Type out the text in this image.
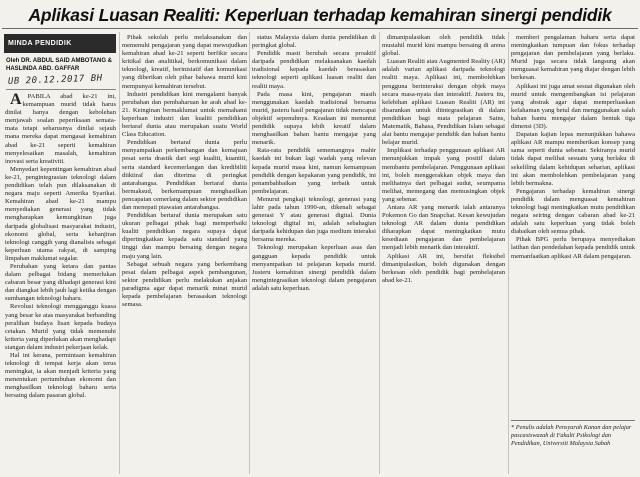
Aplikasi Luasan Realiti: Keperluan terhadap kemahiran sinergi pendidik
MINDA PENDIDIK
Oleh DR. ABDUL SAID AMBOTANG & HASLINDA ABD. GAFFAR
UB 20.12.2017 BH

APABILA abad ke-21 ini, kemampuan murid tidak harus dinilai hanya dengan kebolehan menjawab soalan peperiksaan semata-mata tetapi seharusnya dinilai sejauh mana mereka dapat mengasai kemahiran abad ke-21 seperti kemahiran menyelesaikan masalah, kemahiran inovasi serta kreativiti.

Menyedari kepentingan kemahiran abad ke-21, pengintegrasian teknologi dalam pendidikan telah pun dilaksanakan di negara maju seperti Amerika Syarikat. Kemahiran abad ke-21 mampu menyediakan generasi yang tidak mengharapkan kemungkinan juga daripada globalisasi masyarakat industri, ekonomi global, serta kebanjiran teknologi canggih yang dianalisis sebagai keperluan utama rakyat, di samping limpahan maklumat segalar.

Perubahan yang ketara dan pantas dalam pelbagai bidang memerlukan cabaran besar yang dihadapi generasi kini dan diangkat lebih jauh lagi ketika dengan sumbangan teknologi baharu.

Revolusi teknologi mengganggu kuasa yang besar ke atas masyarakat berbanding peralihan budaya lisan kepada budaya cetakan. Murid yang tidak memenuhi kriteria yang diperlukan akan menghadapi siangan dalam industri pekerjaan kelak.

Hal ini kerana, permintaan kemahiran teknologi di tempat kerja akan terus meningkat, ia akan menjadi kriteria yang menentukan pertumbuhan ekonomi dan menghasilkan teknologi baharu serta bersaing dalam pasaran global.

Pihak sekolah perlu melaksanakan dan memenuhi pengajaran yang dapat mewujudkan kemahiran abad ke-21 seperti berfikir secara kritikal dan analitikal, berkomunikasi dalam teknologi, kreatif, berinisiatif dan komunikasi yang diberikan oleh pihar bahawa murid kini mempunyai kemahiran tersebut.

Industri pendidikan kini mengalami banyak perubahan dan pembaharuan ke arah abad ke-21. Keinginan bermaklumat untuk memahami keperluan industri dan kualiti pendidikan bertaraf dunia atau merupakan suatu World Class Education.

Pendidikan bertaraf dunia perlu menyampaikan perkembangan dan kemajuan pesat serta drastik dari segi kualiti, kuantiti, serta standard kecemerlangan dan kredibiliti diiktiraf dan diterima di peringkat antarabangsa. Pendidikan bertaraf dunia bermaksud, berkemampuan menghasilkan pencapaian cemerlang dalam sektor pendidikan dan menepati piawaian antarabangsa.

Pendidikan bertaraf dunia merupakan satu ukuran pelbagai pihak bagi memperbaiki kualiti pendidikan negara supaya dapat dipertingkatkan kepada satu standard yang tinggi dan mampu bersaing dengan negara maju yang lain.

Sebagai sebuah negara yang berkembang pesat dalam pelbagai aspek pembangunan, sektor pendidikan perlu melakukan anjakan paradigma agar dapat menarik minat murid kepada pembelajaran berasaskan teknologi semasa.

status Malaysia dalam dunia pendidikan di peringkat global.

Pendidik masti berubah secara proaktif daripada pendidikan melaksanakan kaedah tradisional kepada kaedah berasaskan teknologi seperti aplikasi luasan realiti dan realiti maya.

Pada masa kini, pengajaran masih menggunakan kaedah tradisional bersama murid, justeru hasil pengajaran tidak mencapai objektif sepenuhnya. Keadaan ini menuntut pendidik supaya lebih kreatif dalam menghasilkan bahan bantu mengajar yang menarik.

Rata-rata pendidik sememangnya mahir kaedah ini bukan lagi wadah yang relevan kepada murid masa kini, namun kemampuan pendidik dengan kepakaran yang pendidik, ini penambahbaikan yang terbaik untuk pembelajaran.

Menurut pengkaji teknologi, generasi yang lahir pada tahun 1990-an, dikenali sebagai generasi Y atau generasi digital. Dunia teknologi digital ini, adalah sebahagian daripada kehidupan dan juga medium interaksi bersama mereka.

Teknologi merupakan keperluan asas dan gangguan kepada pendidik untuk menyampaikan isi pelajaran kepada murid. Justeru kemahiran sinergi pendidik dalam mengintegrasikan teknologi dalam pengajaran adalah satu keperluan.

dimanipulasikan oleh pendidik tidak mustahil murid kini mampu bersaing di arena global.

Luasan Realiti atau Augmented Reality (AR) adalah varian aplikasi daripada teknologi realiti maya. Aplikasi ini, membolehkan pengguna berinteraksi dengan objek maya secara masa-nyata dan interaktif. Justeru itu, kelebihan aplikasi Luasan Realiti (AR) ini disarankan untuk diintegrasikan di dalam pendidikan bagi mata pelajaran Sains, Matematik, Bahasa, Pendidikan Islam sebagai alat bantu mengajar pendidik dan bahan bantu belajar murid.

Implikasi terhadap penggunaan aplikasi AR menunjukkan impak yang positif dalam membantu pembelajaran. Penggunaan aplikasi ini, boleh menggerakkan objek maya dan melihatnya dari pelbagai sudut, seumpama melihat, memegang dan memusingkan objek yang sebenar.

Antara AR yang menarik ialah antaranya Pokemon Go dan Snapchat. Kesan kewujudan teknologi AR dalam dunia pendidikan diharapkan dapat meningkatkan mutu kesediaan pengajaran dan pembelajaran menjadi lebih menarik dan interaktif.

Aplikasi AR ini, bersifat fleksibel dimanipulasikan, boleh digunakan dengan berkesan oleh pendidik bagi pembelajaran abad ke-21.

memberi pengalaman baharu serta dapat meningkatkan tumpuan dan fokus terhadap pengajaran dan pembelajaran yang berlaku. Murid juga secara tidak langsung akan menguasai kemahiran yang diajar dengan lebih berkesan.

Aplikasi ini juga amat sesuai digunakan oleh murid untuk mengembangkan isi pelajaran yang abstrak agar dapat memperluaskan kefahaman yang betul dan menggunakan salah bahan bantu mengajar dalam bentuk tiga dimensi (3D).

Dapatan kajian lepas menunjukkan bahawa aplikasi AR mampu memberikan konsep yang sama seperti dunia sebenar. Sekiranya murid tidak dapat melihat sesuatu yang berlaku di sekeliling dalam kehidupan seharian, aplikasi ini akan membolehkan pembelajaran yang lebih bermakna.

Pengajaran terhadap kemahiran sinergi pendidik dalam menguasai kemahiran teknologi bagi meningkatkan mutu pendidikan negara seiring dengan cabaran abad ke-21 adalah satu keperluan yang tidak boleh diabaikan oleh semua pihak.

Pihak BPG perlu berupaya menyediakan latihan dan pendedahan kepada pendidik untuk memanfaatkan aplikasi AR dalam pengajaran.

* Penulis adalah Pensyarah Kanan dan pelajar pascasiswazah di Fakulti Psikologi dan Pendidikan, Universiti Malaysia Sabah
